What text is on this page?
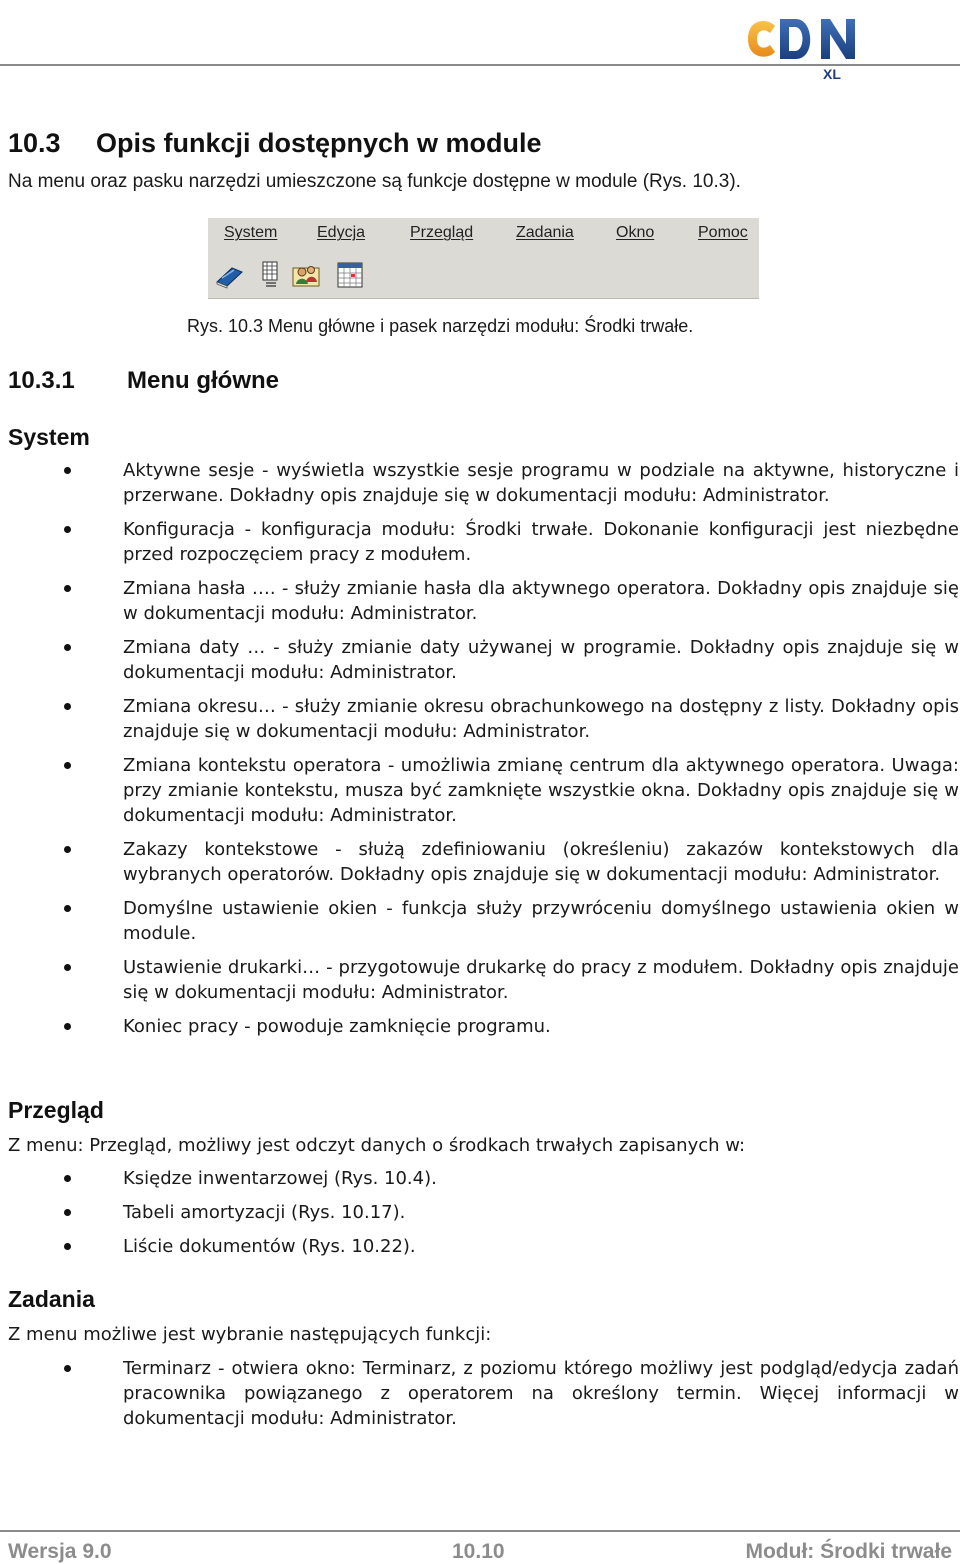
XL
10.3 Opis funkcji dostępnych w module
Na menu oraz pasku narzędzi umieszczone są funkcje dostępne w module (Rys. 10.3).
System Edycja	Przegląd	Zadania	Okno	Pomoc
Rys. 10.3 Menu główne i pasek narzędzi modułu: Środki trwałe.
10.3.1 Menu główne
System
Aktywne sesje - wyświetla wszystkie sesje programu w podziale na aktywne, historyczne i przerwane. Dokładny opis znajduje się w dokumentacji modułu: Administrator.
Konfiguracja - konfiguracja modułu: Środki trwałe. Dokonanie konfiguracji jest niezbędne przed rozpoczęciem pracy z modułem.
Zmiana hasła …. - służy zmianie hasła dla aktywnego operatora. Dokładny opis znajduje się w dokumentacji modułu: Administrator.
Zmiana daty … - służy zmianie daty używanej w programie. Dokładny opis znajduje się w dokumentacji modułu: Administrator.
Zmiana okresu… - służy zmianie okresu obrachunkowego na dostępny z listy. Dokładny opis znajduje się w dokumentacji modułu: Administrator.
Zmiana kontekstu operatora - umożliwia zmianę centrum dla aktywnego operatora. Uwaga: przy zmianie kontekstu, musza być zamknięte wszystkie okna. Dokładny opis znajduje się w dokumentacji modułu: Administrator.
Zakazy kontekstowe - służą zdefiniowaniu (określeniu) zakazów kontekstowych dla wybranych operatorów. Dokładny opis znajduje się w dokumentacji modułu: Administrator.
Domyślne ustawienie okien - funkcja służy przywróceniu domyślnego ustawienia okien w module.
Ustawienie drukarki… - przygotowuje drukarkę do pracy z modułem. Dokładny opis znajduje się w dokumentacji modułu: Administrator.
Koniec pracy - powoduje zamknięcie programu.
Przegląd
Z menu: Przegląd, możliwy jest odczyt danych o środkach trwałych zapisanych w:
Księdze inwentarzowej (Rys. 10.4).
Tabeli amortyzacji (Rys. 10.17).
Liście dokumentów (Rys. 10.22).
Zadania
Z menu możliwe jest wybranie następujących funkcji:
Terminarz - otwiera okno: Terminarz, z poziomu którego możliwy jest podgląd/edycja zadań pracownika powiązanego z operatorem na określony termin. Więcej informacji w dokumentacji modułu: Administrator.
Wersja 9.0	10.10	Moduł: Środki trwałe
